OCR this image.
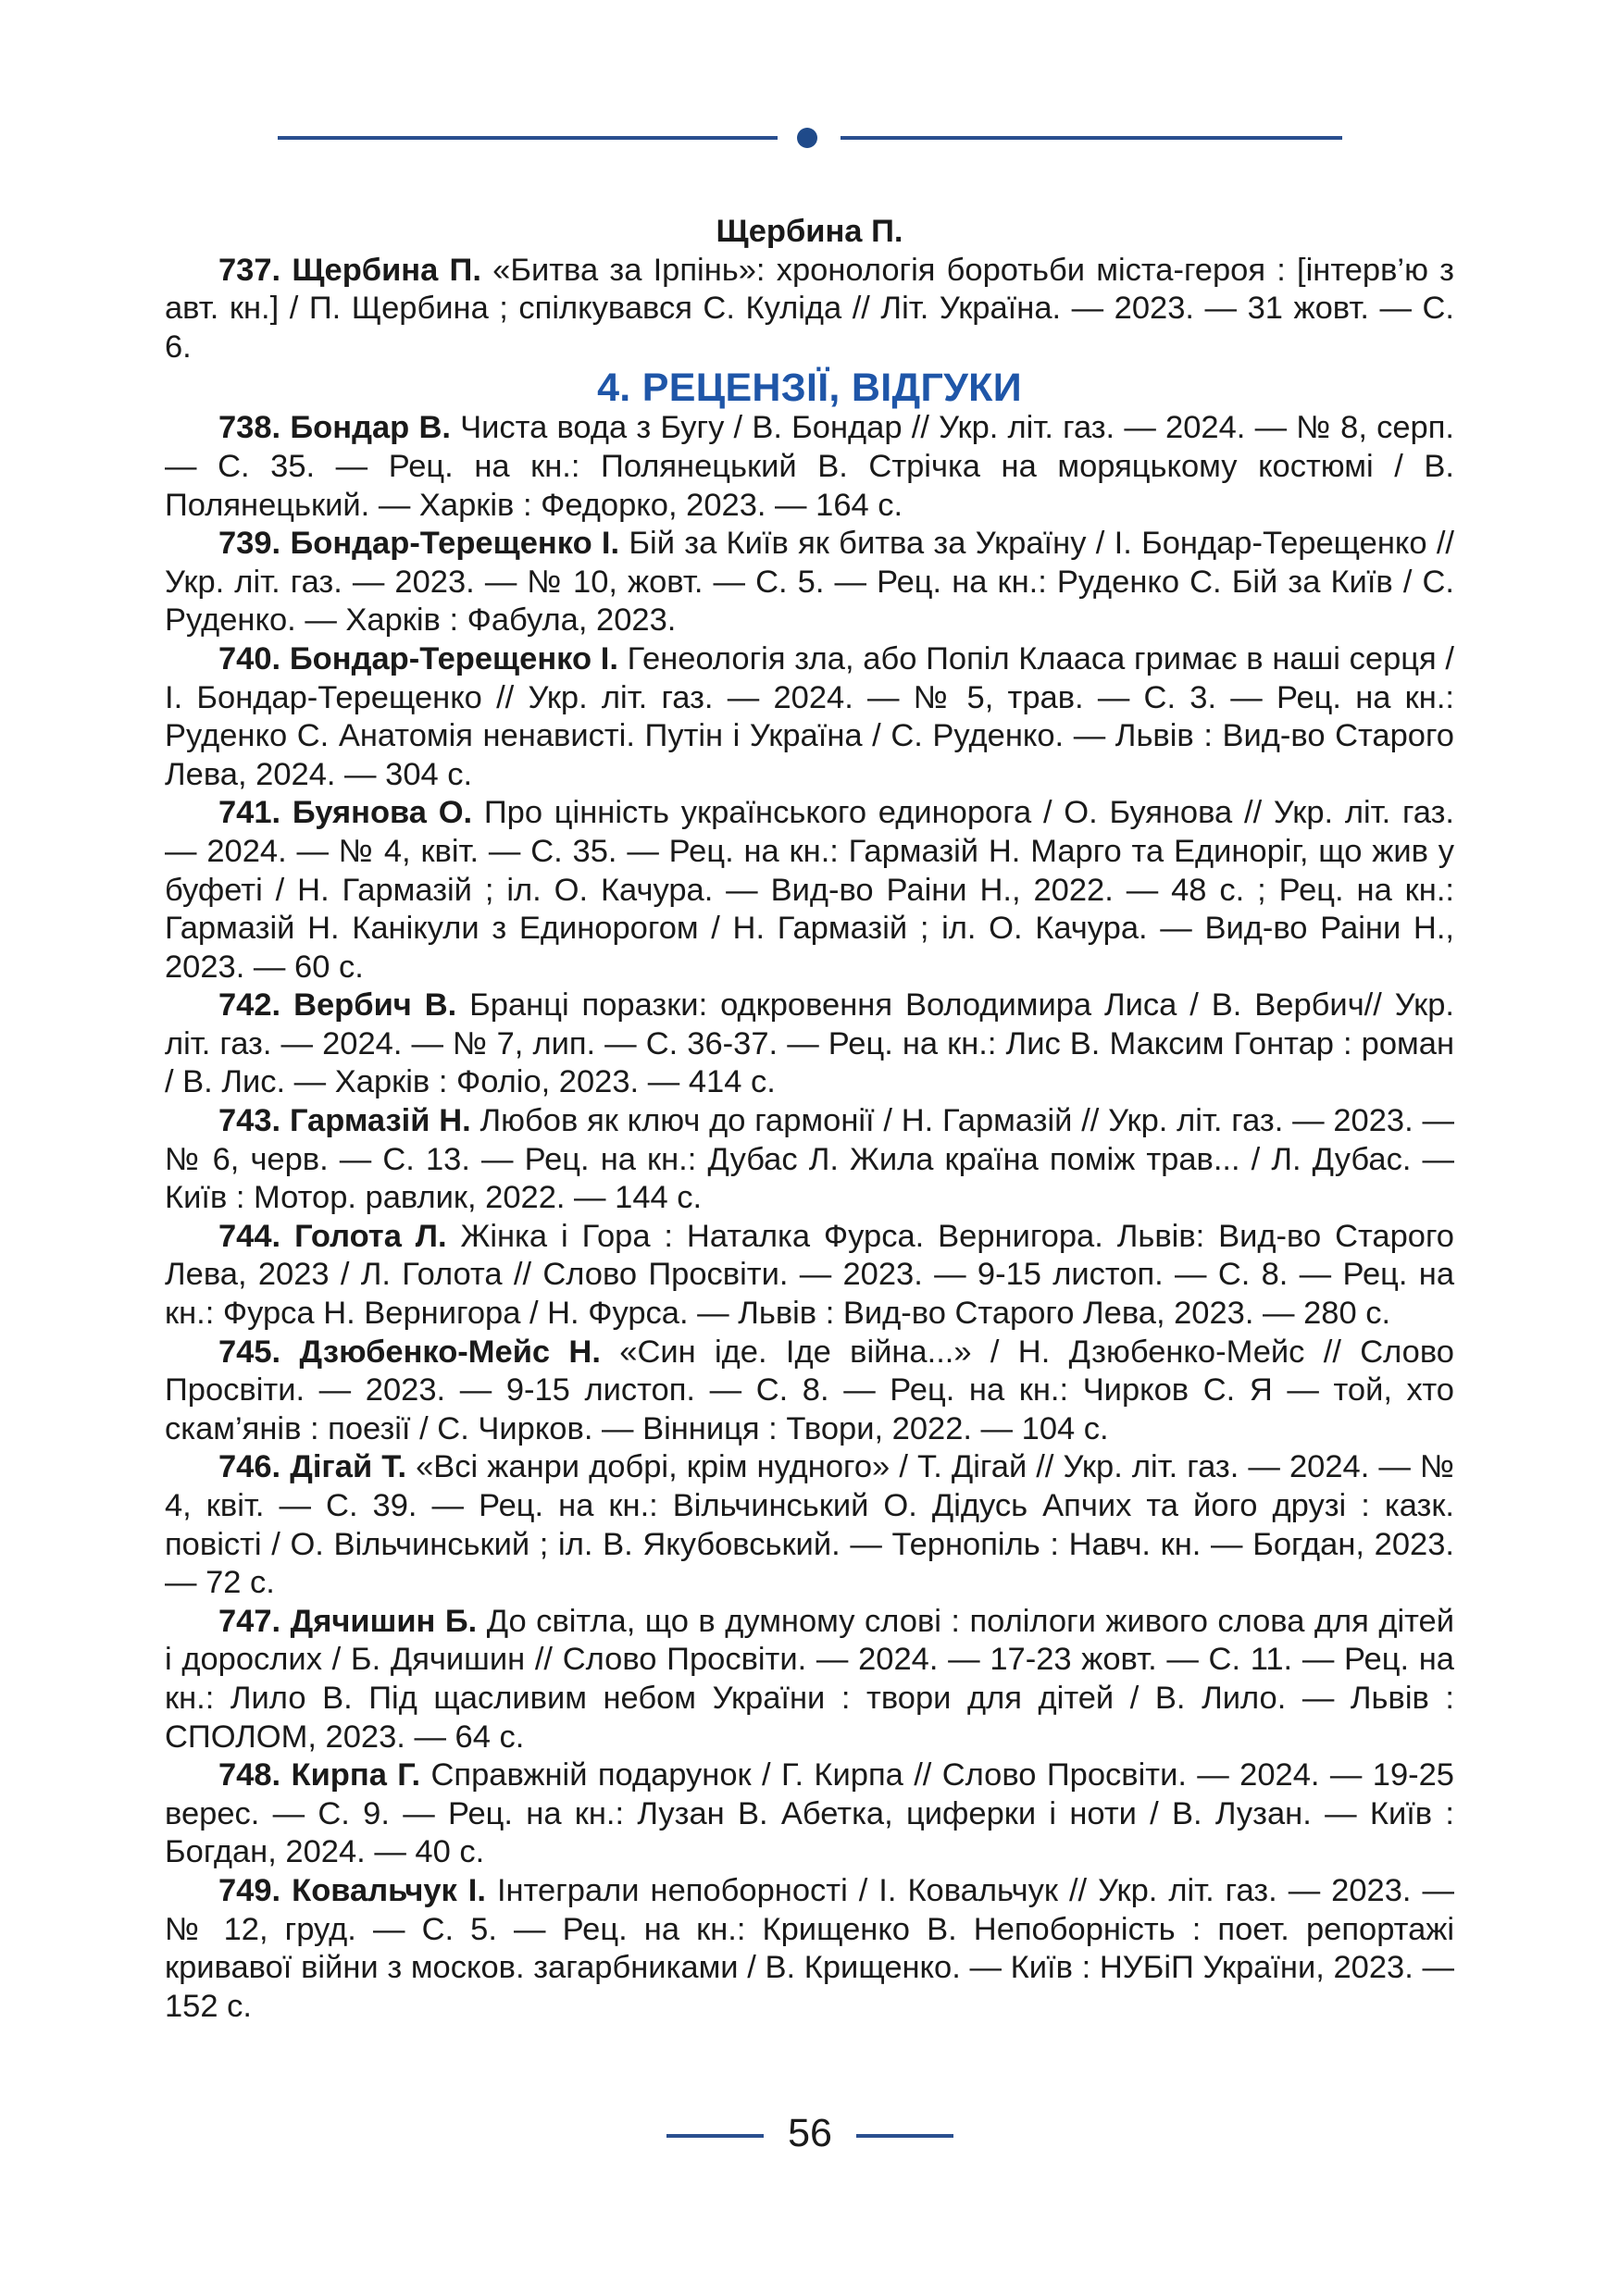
Щербина П.

737. Щербина П. «Битва за Ірпінь»: хронологія боротьби міста-героя : [інтерв’ю з авт. кн.] / П. Щербина ; спілкувався С. Куліда // Літ. Україна. — 2023. — 31 жовт. — С. 6.

4. РЕЦЕНЗІЇ, ВІДГУКИ

738. Бондар В. Чиста вода з Бугу / В. Бондар // Укр. літ. газ. — 2024. — № 8, серп. — С. 35. — Рец. на кн.: Полянецький В. Стрічка на моряцькому костюмі / В. Полянецький. — Харків : Федорко, 2023. — 164 с.

739. Бондар-Терещенко І. Бій за Київ як битва за Україну / І. Бондар-Терещенко // Укр. літ. газ. — 2023. — № 10, жовт. — С. 5. — Рец. на кн.: Руденко С. Бій за Київ / С. Руденко. — Харків : Фабула, 2023.

740. Бондар-Терещенко І. Генеологія зла, або Попіл Клааса гримає в наші серця / І. Бондар-Терещенко // Укр. літ. газ. — 2024. — № 5, трав. — С. 3. — Рец. на кн.: Руденко С. Анатомія ненависті. Путін і Україна / С. Руденко. — Львів : Вид-во Старого Лева, 2024. — 304 с.

741. Буянова О. Про цінність українського единорога / О. Буянова // Укр. літ. газ. — 2024. — № 4, квіт. — С. 35. — Рец. на кн.: Гармазій Н. Марго та Единоріг, що жив у буфеті / Н. Гармазій ; іл. О. Качура. — Вид-во Раіни Н., 2022. — 48 с. ; Рец. на кн.: Гармазій Н. Канікули з Единорогом / Н. Гармазій ; іл. О. Качура. — Вид-во Раіни Н., 2023. — 60 с.

742. Вербич В. Бранці поразки: одкровення Володимира Лиса / В. Вербич// Укр. літ. газ. — 2024. — № 7, лип. — С. 36-37. — Рец. на кн.: Лис В. Максим Гонтар : роман / В. Лис. — Харків : Фоліо, 2023. — 414 с.

743. Гармазій Н. Любов як ключ до гармонії / Н. Гармазій // Укр. літ. газ. — 2023. — № 6, черв. — С. 13. — Рец. на кн.: Дубас Л. Жила країна поміж трав... / Л. Дубас. — Київ : Мотор. равлик, 2022. — 144 с.

744. Голота Л. Жінка і Гора : Наталка Фурса. Вернигора. Львів: Вид-во Старого Лева, 2023 / Л. Голота // Слово Просвіти. — 2023. — 9-15 листоп. — С. 8. — Рец. на кн.: Фурса Н. Вернигора / Н. Фурса. — Львів : Вид-во Старого Лева, 2023. — 280 с.

745. Дзюбенко-Мейс Н. «Син іде. Іде війна...» / Н. Дзюбенко-Мейс // Слово Просвіти. — 2023. — 9-15 листоп. — С. 8. — Рец. на кн.: Чирков С. Я — той, хто скам’янів : поезії / С. Чирков. — Вінниця : Твори, 2022. — 104 с.

746. Дігай Т. «Всі жанри добрі, крім нудного» / Т. Дігай // Укр. літ. газ. — 2024. — № 4, квіт. — С. 39. — Рец. на кн.: Вільчинський О. Дідусь Апчих та його друзі : казк. повісті / О. Вільчинський ; іл. В. Якубовський. — Тернопіль : Навч. кн. — Богдан, 2023. — 72 с.

747. Дячишин Б. До світла, що в думному слові : полілоги живого слова для дітей і дорослих / Б. Дячишин // Слово Просвіти. — 2024. — 17-23 жовт. — С. 11. — Рец. на кн.: Лило В. Під щасливим небом України : твори для дітей / В. Лило. — Львів : СПОЛОМ, 2023. — 64 с.

748. Кирпа Г. Справжній подарунок / Г. Кирпа // Слово Просвіти. — 2024. — 19-25 верес. — С. 9. — Рец. на кн.: Лузан В. Абетка, циферки і ноти / В. Лузан. — Київ : Богдан, 2024. — 40 с.

749. Ковальчук І. Інтеграли непоборності / І. Ковальчук // Укр. літ. газ. — 2023. — № 12, груд. — С. 5. — Рец. на кн.: Крищенко В. Непоборність : поет. репортажі кривавої війни з москов. загарбниками / В. Крищенко. — Київ : НУБіП України, 2023. — 152 с.

56
